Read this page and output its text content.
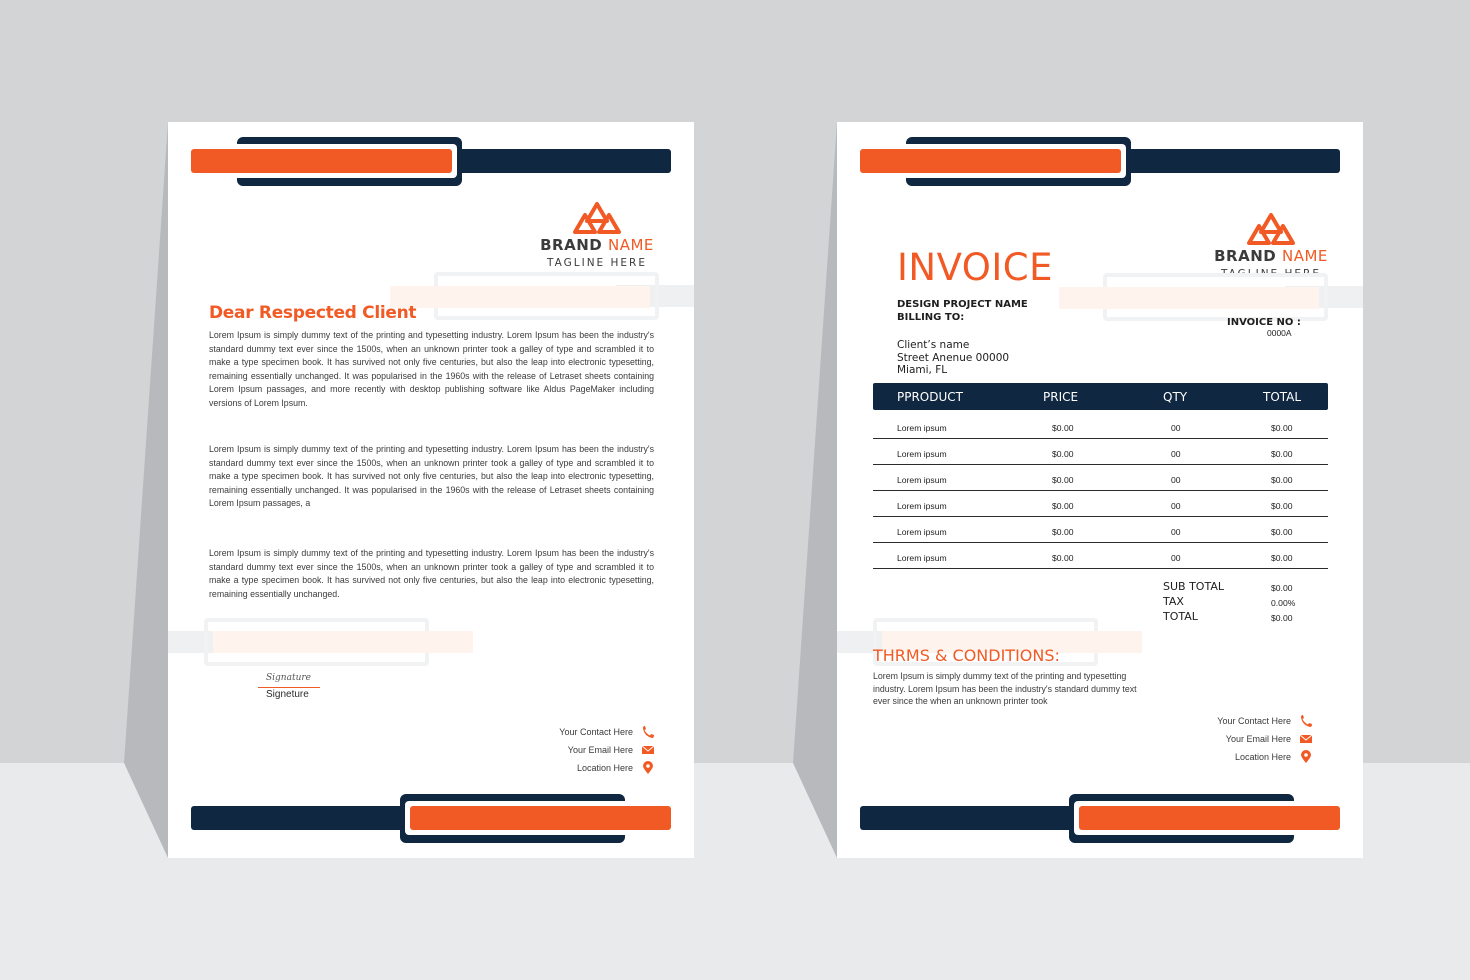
BRAND NAME
TAGLINE HERE
Dear Respected Client

Lorem Ipsum is simply dummy text of the printing and typesetting industry. Lorem Ipsum has been the industry's standard dummy text ever since the 1500s, when an unknown printer took a galley of type and scrambled it to make a type specimen book. It has survived not only five centuries, but also the leap into electronic typesetting, remaining essentially unchanged. It was popularised in the 1960s with the release of Letraset sheets containing Lorem Ipsum passages, and more recently with desktop publishing software like Aldus PageMaker including versions of Lorem Ipsum.

Lorem Ipsum is simply dummy text of the printing and typesetting industry. Lorem Ipsum has been the industry's standard dummy text ever since the 1500s, when an unknown printer took a galley of type and scrambled it to make a type specimen book. It has survived not only five centuries, but also the leap into electronic typesetting, remaining essentially unchanged. It was popularised in the 1960s with the release of Letraset sheets containing Lorem Ipsum passages, a

Lorem Ipsum is simply dummy text of the printing and typesetting industry. Lorem Ipsum has been the industry's standard dummy text ever since the 1500s, when an unknown printer took a galley of type and scrambled it to make a type specimen book. It has survived not only five centuries, but also the leap into electronic typesetting, remaining essentially unchanged.

Signature
Signeture
Your Contact Here
Your Email Here
Location Here
BRAND NAME
TAGLINE HERE
INVOICE
DESIGN PROJECT NAME
BILLING TO:
Client’s name
Street Anenue 00000
Miami, FL
INVOICE NO :
0000A
PPRODUCT	PRICE	QTY	TOTAL
Lorem ipsum	$0.00	00	$0.00
Lorem ipsum	$0.00	00	$0.00
Lorem ipsum	$0.00	00	$0.00
Lorem ipsum	$0.00	00	$0.00
Lorem ipsum	$0.00	00	$0.00
Lorem ipsum	$0.00	00	$0.00
SUB TOTAL	$0.00
TAX	0.00%
TOTAL	$0.00
THRMS & CONDITIONS:

Lorem Ipsum is simply dummy text of the printing and typesetting industry. Lorem Ipsum has been the industry's standard dummy text ever since the when an unknown printer took

Your Contact Here
Your Email Here
Location Here
